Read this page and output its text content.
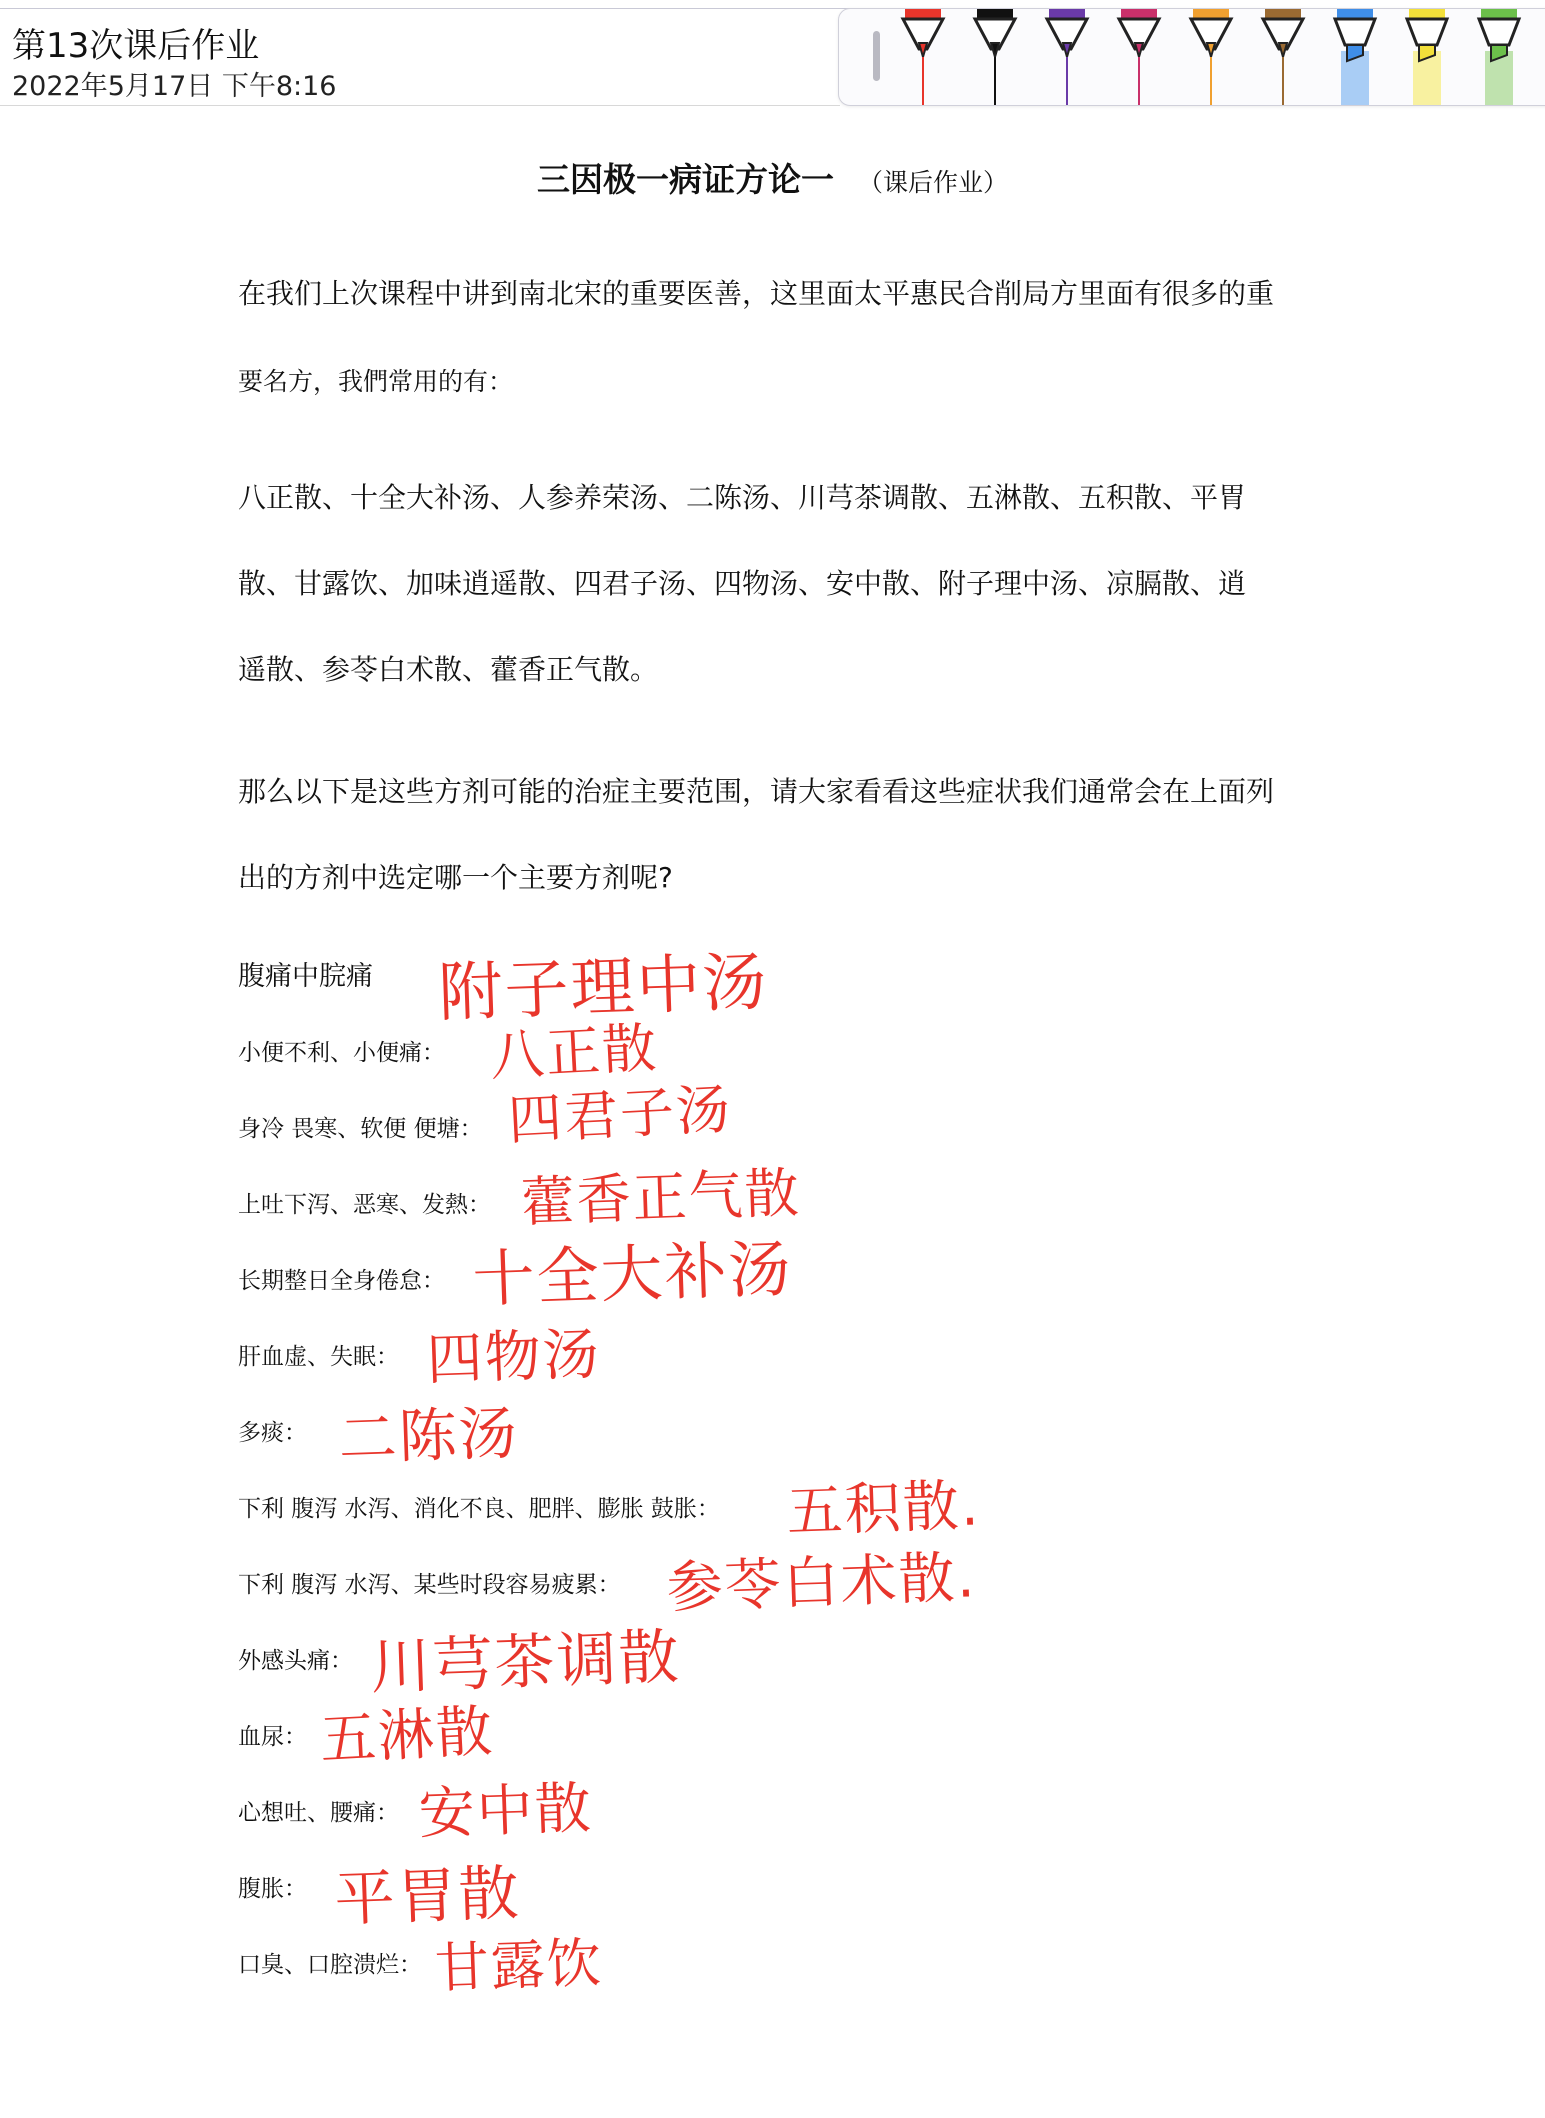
第13次课后作业
2022年5月17日 下午8:16
三因极一病证方论一 （课后作业）
在我们上次课程中讲到南北宋的重要医善，这里面太平惠民合削局方里面有很多的重
要名方，我們常用的有：
八正散、十全大补汤、人参养荣汤、二陈汤、川芎茶调散、五淋散、五积散、平胃
散、甘露饮、加味逍遥散、四君子汤、四物汤、安中散、附子理中汤、凉膈散、逍
遥散、参苓白术散、藿香正气散。
那么以下是这些方剂可能的治症主要范围，请大家看看这些症状我们通常会在上面列
出的方剂中选定哪一个主要方剂呢?
腹痛中脘痛
小便不利、小便痛：
身冷 畏寒、软便 便塘：
上吐下泻、恶寒、发熱：
长期整日全身倦怠：
肝血虚、失眠：
多痰：
下利 腹泻 水泻、消化不良、肥胖、膨胀 鼓胀：
下利 腹泻 水泻、某些时段容易疲累：
外感头痛：
血尿：
心想吐、腰痛：
腹胀：
口臭、口腔溃烂：
附子理中汤
八正散
四君子汤
藿香正气散
十全大补汤
四物汤
二陈汤
五积散.
参苓白术散.
川芎茶调散
五淋散
安中散
平胃散
甘露饮
